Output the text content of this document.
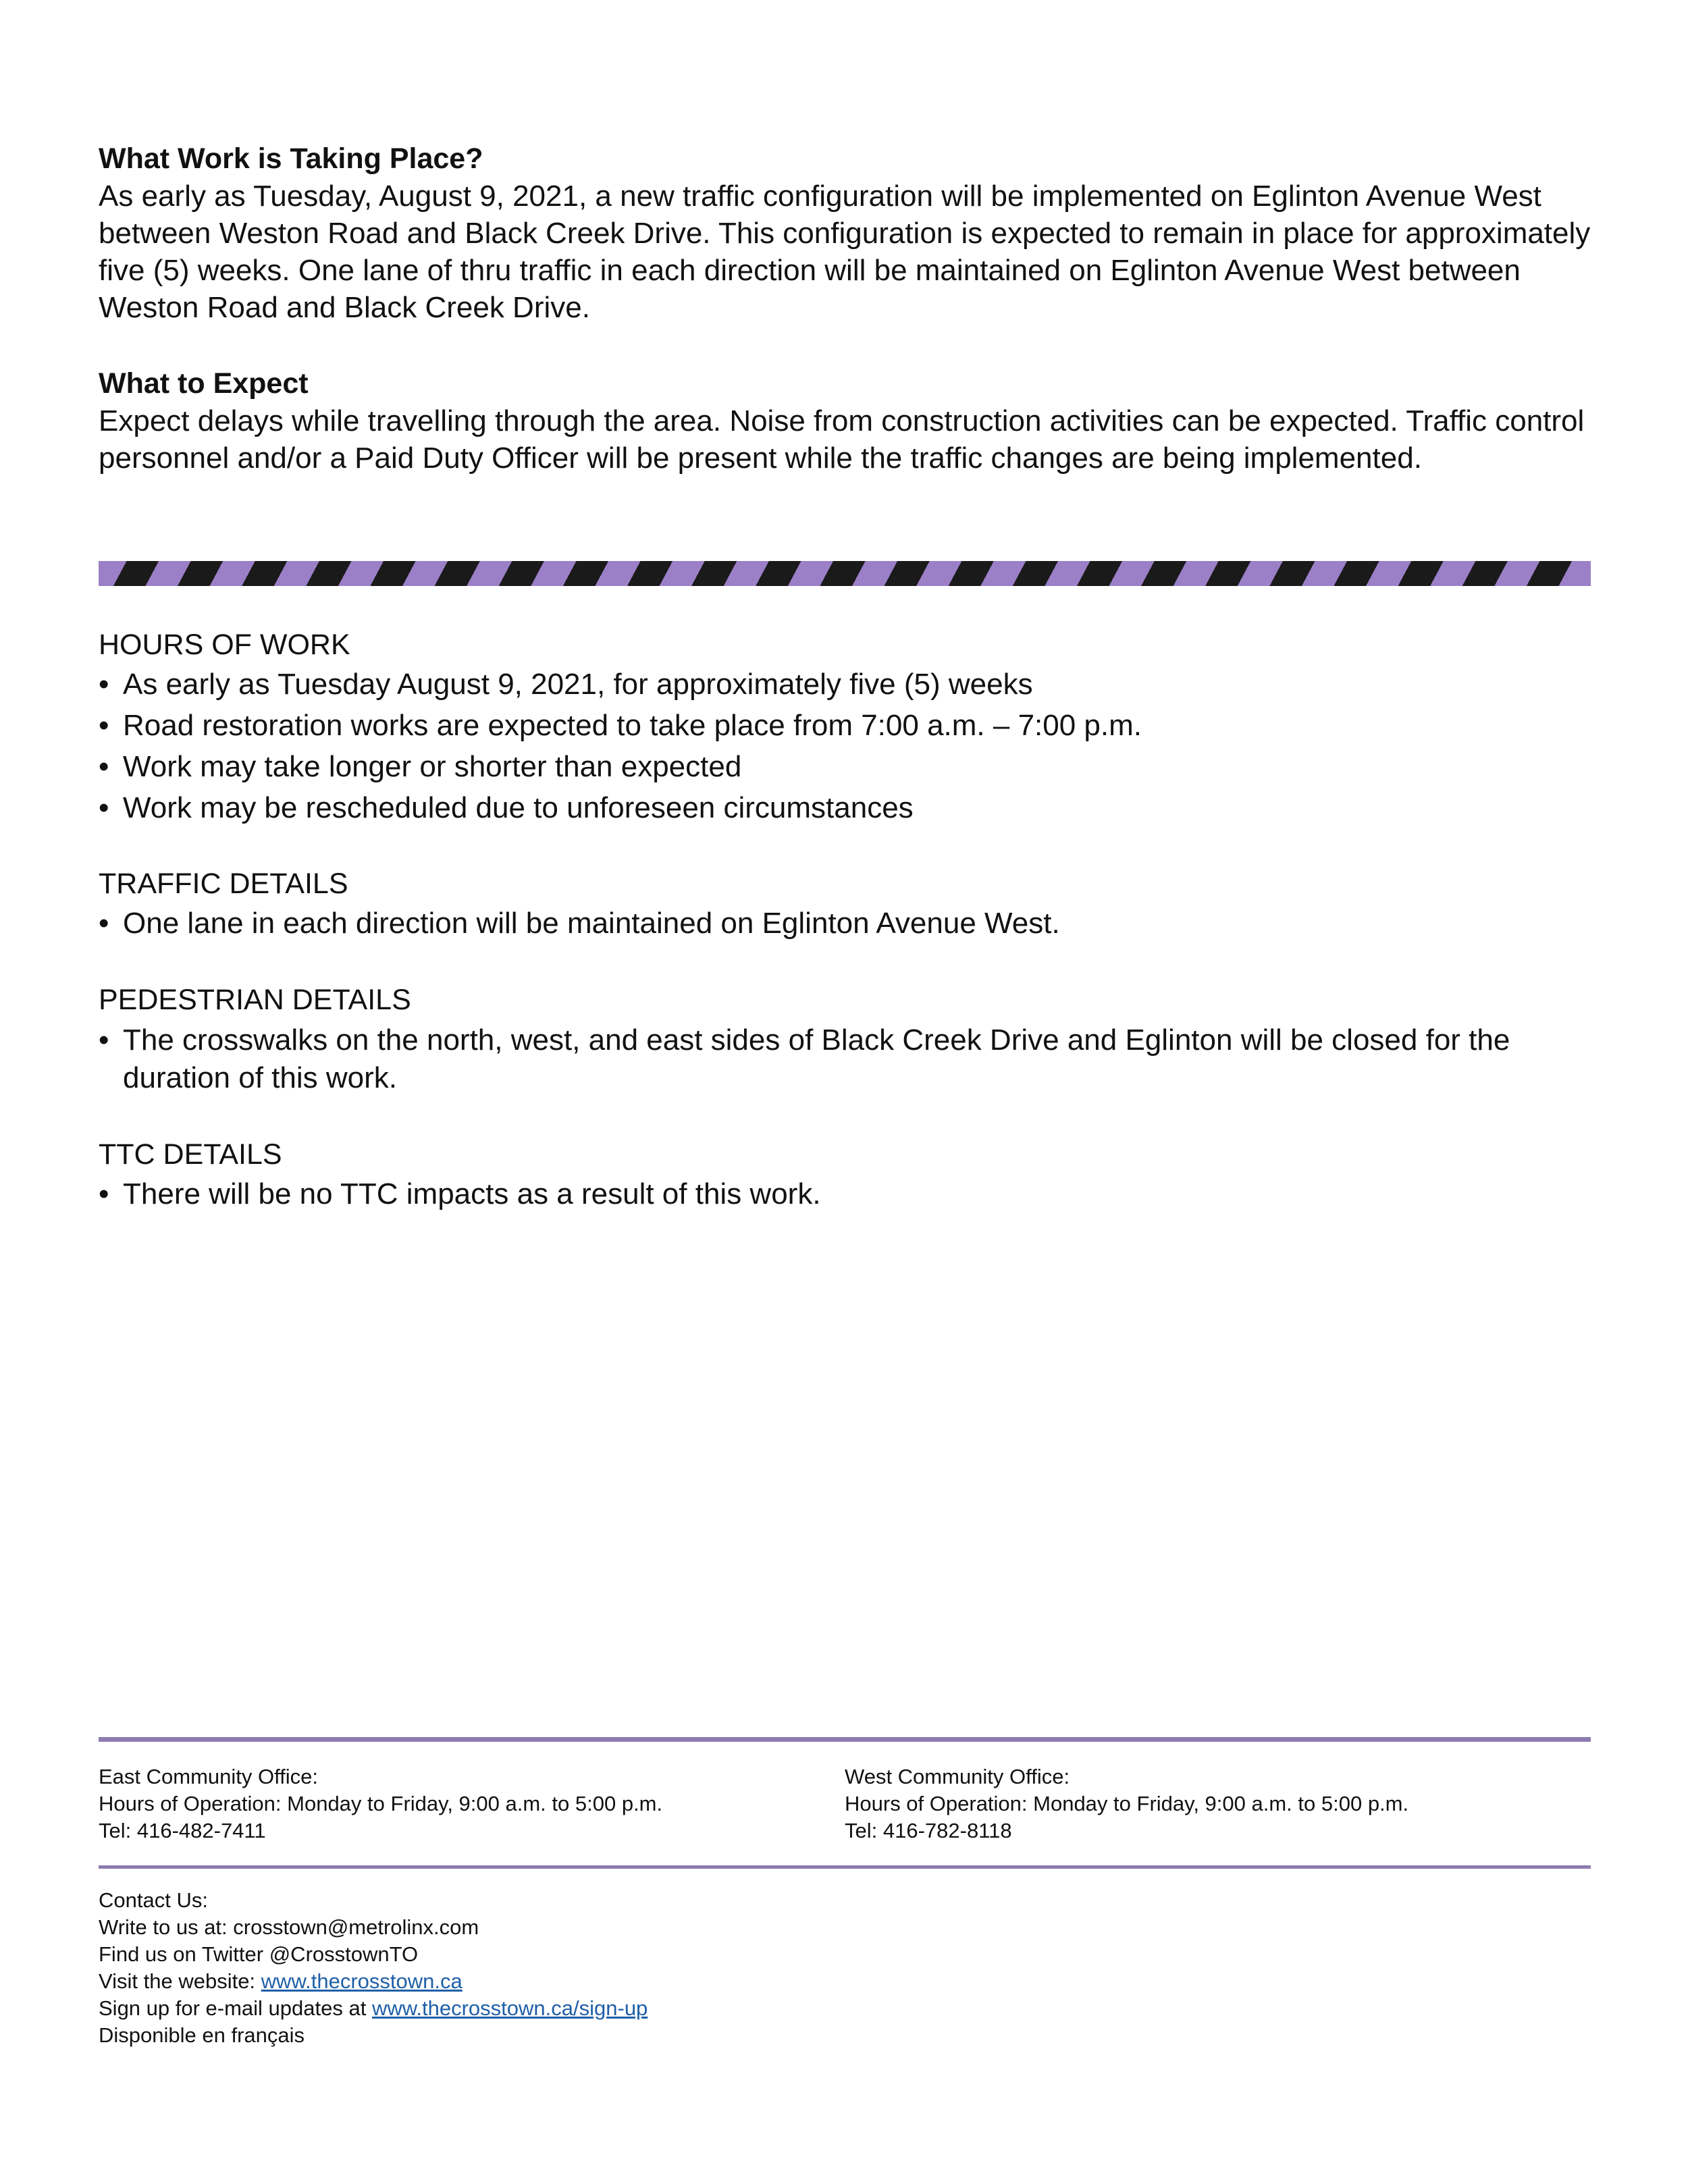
What Work is Taking Place?

As early as Tuesday, August 9, 2021, a new traffic configuration will be implemented on Eglinton Avenue West between Weston Road and Black Creek Drive. This configuration is expected to remain in place for approximately five (5) weeks. One lane of thru traffic in each direction will be maintained on Eglinton Avenue West between Weston Road and Black Creek Drive.

What to Expect

Expect delays while travelling through the area. Noise from construction activities can be expected. Traffic control personnel and/or a Paid Duty Officer will be present while the traffic changes are being implemented.

HOURS OF WORK
• As early as Tuesday August 9, 2021, for approximately five (5) weeks
• Road restoration works are expected to take place from 7:00 a.m. – 7:00 p.m.
• Work may take longer or shorter than expected
• Work may be rescheduled due to unforeseen circumstances
TRAFFIC DETAILS
• One lane in each direction will be maintained on Eglinton Avenue West.
PEDESTRIAN DETAILS
• The crosswalks on the north, west, and east sides of Black Creek Drive and Eglinton will be closed for the duration of this work.
TTC DETAILS
• There will be no TTC impacts as a result of this work.
East Community Office:
Hours of Operation: Monday to Friday, 9:00 a.m. to 5:00 p.m.
Tel: 416-482-7411
West Community Office:
Hours of Operation: Monday to Friday, 9:00 a.m. to 5:00 p.m.
Tel: 416-782-8118
Contact Us:
Write to us at: crosstown@metrolinx.com
Find us on Twitter @CrosstownTO
Visit the website: www.thecrosstown.ca
Sign up for e-mail updates at www.thecrosstown.ca/sign-up
Disponible en français
